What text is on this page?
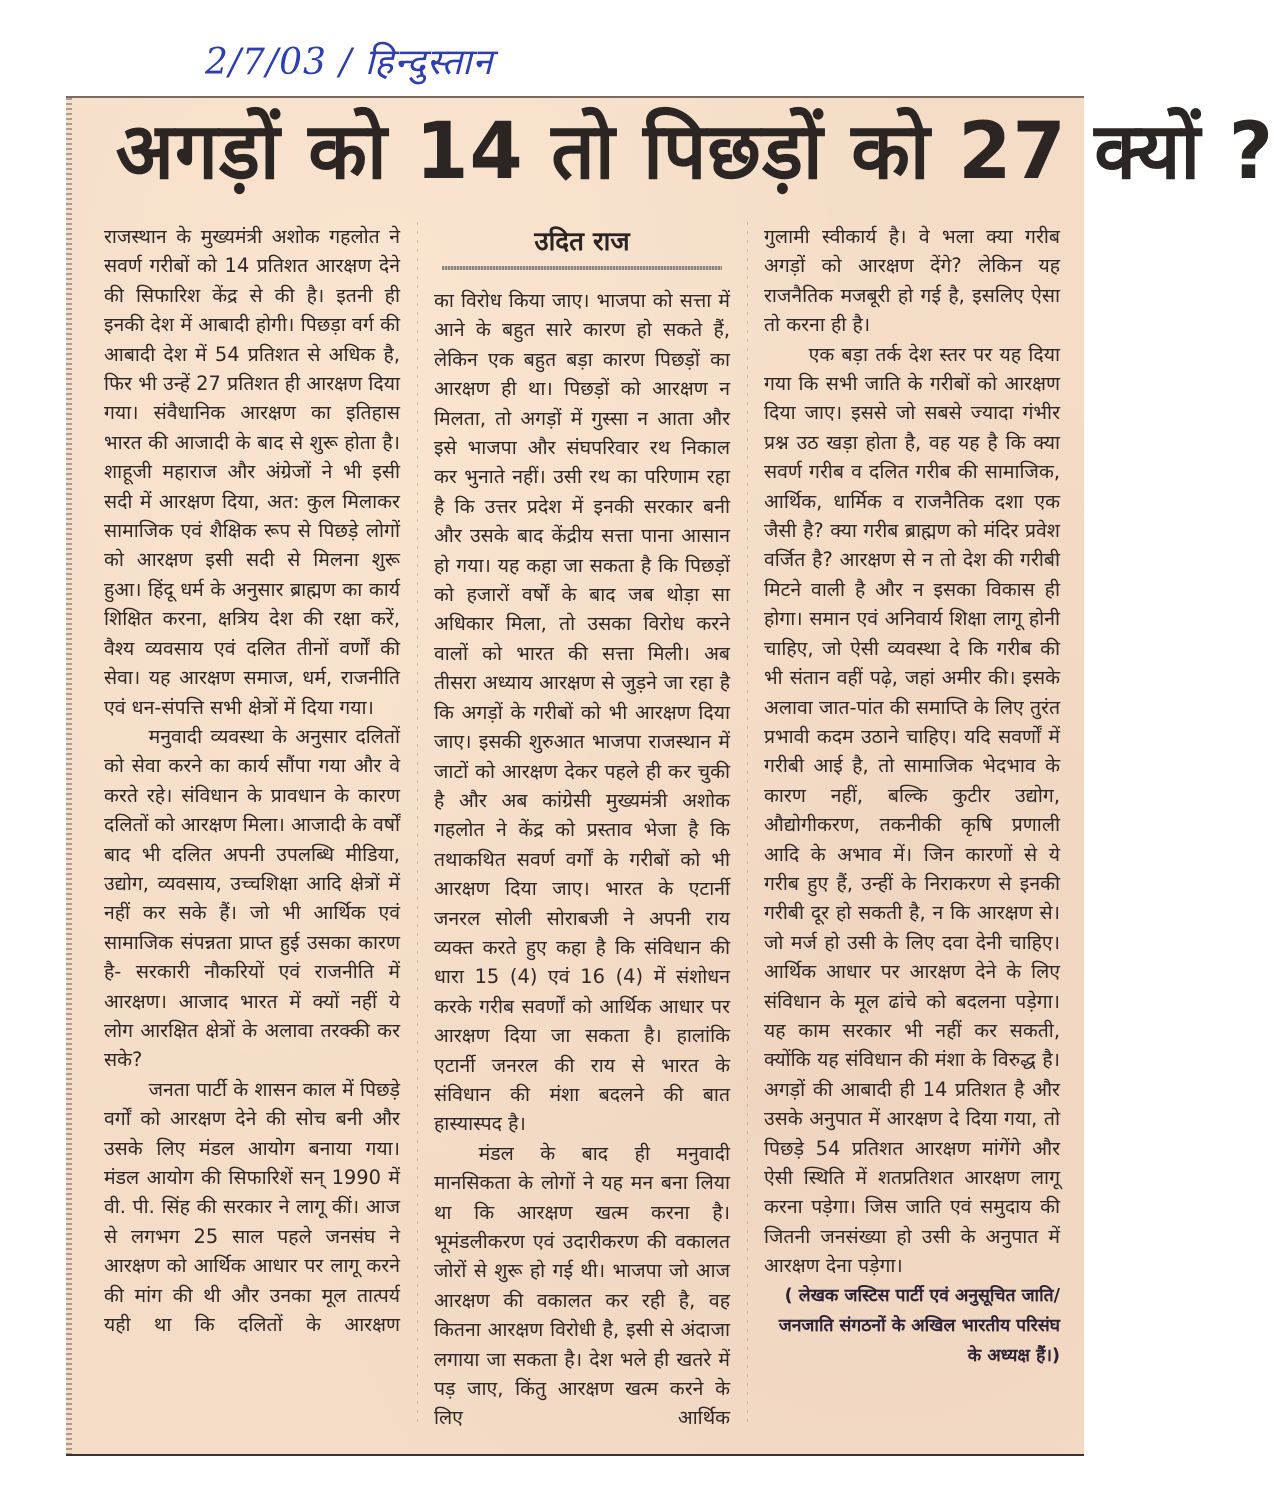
2/7/03 / हिन्दुस्तान
अगड़ों को 14 तो पिछड़ों को 27 क्यों ?

राजस्थान के मुख्यमंत्री अशोक गहलोत ने सवर्ण गरीबों को 14 प्रतिशत आरक्षण देने की सिफारिश केंद्र से की है। इतनी ही इनकी देश में आबादी होगी। पिछड़ा वर्ग की आबादी देश में 54 प्रतिशत से अधिक है, फिर भी उन्हें 27 प्रतिशत ही आरक्षण दिया गया। संवैधानिक आरक्षण का इतिहास भारत की आजादी के बाद से शुरू होता है। शाहूजी महाराज और अंग्रेजों ने भी इसी सदी में आरक्षण दिया, अत: कुल मिलाकर सामाजिक एवं शैक्षिक रूप से पिछड़े लोगों को आरक्षण इसी सदी से मिलना शुरू हुआ। हिंदू धर्म के अनुसार ब्राह्मण का कार्य शिक्षित करना, क्षत्रिय देश की रक्षा करें, वैश्य व्यवसाय एवं दलित तीनों वर्णों की सेवा। यह आरक्षण समाज, धर्म, राजनीति एवं धन-संपत्ति सभी क्षेत्रों में दिया गया।

मनुवादी व्यवस्था के अनुसार दलितों को सेवा करने का कार्य सौंपा गया और वे करते रहे। संविधान के प्रावधान के कारण दलितों को आरक्षण मिला। आजादी के वर्षों बाद भी दलित अपनी उपलब्धि मीडिया, उद्योग, व्यवसाय, उच्चशिक्षा आदि क्षेत्रों में नहीं कर सके हैं। जो भी आर्थिक एवं सामाजिक संपन्नता प्राप्त हुई उसका कारण है- सरकारी नौकरियों एवं राजनीति में आरक्षण। आजाद भारत में क्यों नहीं ये लोग आरक्षित क्षेत्रों के अलावा तरक्की कर सके?

जनता पार्टी के शासन काल में पिछड़े वर्गों को आरक्षण देने की सोच बनी और उसके लिए मंडल आयोग बनाया गया। मंडल आयोग की सिफारिशें सन् 1990 में वी. पी. सिंह की सरकार ने लागू कीं। आज से लगभग 25 साल पहले जनसंघ ने आरक्षण को आर्थिक आधार पर लागू करने की मांग की थी और उनका मूल तात्पर्य यही था कि दलितों के आरक्षण

उदित राज

का विरोध किया जाए। भाजपा को सत्ता में आने के बहुत सारे कारण हो सकते हैं, लेकिन एक बहुत बड़ा कारण पिछड़ों का आरक्षण ही था। पिछड़ों को आरक्षण न मिलता, तो अगड़ों में गुस्सा न आता और इसे भाजपा और संघपरिवार रथ निकाल कर भुनाते नहीं। उसी रथ का परिणाम रहा है कि उत्तर प्रदेश में इनकी सरकार बनी और उसके बाद केंद्रीय सत्ता पाना आसान हो गया। यह कहा जा सकता है कि पिछड़ों को हजारों वर्षों के बाद जब थोड़ा सा अधिकार मिला, तो उसका विरोध करने वालों को भारत की सत्ता मिली। अब तीसरा अध्याय आरक्षण से जुड़ने जा रहा है कि अगड़ों के गरीबों को भी आरक्षण दिया जाए। इसकी शुरुआत भाजपा राजस्थान में जाटों को आरक्षण देकर पहले ही कर चुकी है और अब कांग्रेसी मुख्यमंत्री अशोक गहलोत ने केंद्र को प्रस्ताव भेजा है कि तथाकथित सवर्ण वर्गों के गरीबों को भी आरक्षण दिया जाए। भारत के एटार्नी जनरल सोली सोराबजी ने अपनी राय व्यक्त करते हुए कहा है कि संविधान की धारा 15 (4) एवं 16 (4) में संशोधन करके गरीब सवर्णों को आर्थिक आधार पर आरक्षण दिया जा सकता है। हालांकि एटार्नी जनरल की राय से भारत के संविधान की मंशा बदलने की बात हास्यास्पद है।

मंडल के बाद ही मनुवादी मानसिकता के लोगों ने यह मन बना लिया था कि आरक्षण खत्म करना है। भूमंडलीकरण एवं उदारीकरण की वकालत जोरों से शुरू हो गई थी। भाजपा जो आज आरक्षण की वकालत कर रही है, वह कितना आरक्षण विरोधी है, इसी से अंदाजा लगाया जा सकता है। देश भले ही खतरे में पड़ जाए, किंतु आरक्षण खत्म करने के लिए आर्थिक

गुलामी स्वीकार्य है। वे भला क्या गरीब अगड़ों को आरक्षण देंगे? लेकिन यह राजनैतिक मजबूरी हो गई है, इसलिए ऐसा तो करना ही है।

एक बड़ा तर्क देश स्तर पर यह दिया गया कि सभी जाति के गरीबों को आरक्षण दिया जाए। इससे जो सबसे ज्यादा गंभीर प्रश्न उठ खड़ा होता है, वह यह है कि क्या सवर्ण गरीब व दलित गरीब की सामाजिक, आर्थिक, धार्मिक व राजनैतिक दशा एक जैसी है? क्या गरीब ब्राह्मण को मंदिर प्रवेश वर्जित है? आरक्षण से न तो देश की गरीबी मिटने वाली है और न इसका विकास ही होगा। समान एवं अनिवार्य शिक्षा लागू होनी चाहिए, जो ऐसी व्यवस्था दे कि गरीब की भी संतान वहीं पढ़े, जहां अमीर की। इसके अलावा जात-पांत की समाप्ति के लिए तुरंत प्रभावी कदम उठाने चाहिए। यदि सवर्णों में गरीबी आई है, तो सामाजिक भेदभाव के कारण नहीं, बल्कि कुटीर उद्योग, औद्योगीकरण, तकनीकी कृषि प्रणाली आदि के अभाव में। जिन कारणों से ये गरीब हुए हैं, उन्हीं के निराकरण से इनकी गरीबी दूर हो सकती है, न कि आरक्षण से। जो मर्ज हो उसी के लिए दवा देनी चाहिए। आर्थिक आधार पर आरक्षण देने के लिए संविधान के मूल ढांचे को बदलना पड़ेगा। यह काम सरकार भी नहीं कर सकती, क्योंकि यह संविधान की मंशा के विरुद्ध है। अगड़ों की आबादी ही 14 प्रतिशत है और उसके अनुपात में आरक्षण दे दिया गया, तो पिछड़े 54 प्रतिशत आरक्षण मांगेंगे और ऐसी स्थिति में शतप्रतिशत आरक्षण लागू करना पड़ेगा। जिस जाति एवं समुदाय की जितनी जनसंख्या हो उसी के अनुपात में आरक्षण देना पड़ेगा।

( लेखक जस्टिस पार्टी एवं अनुसूचित जाति/ जनजाति संगठनों के अखिल भारतीय परिसंघ के अध्यक्ष हैं।)
